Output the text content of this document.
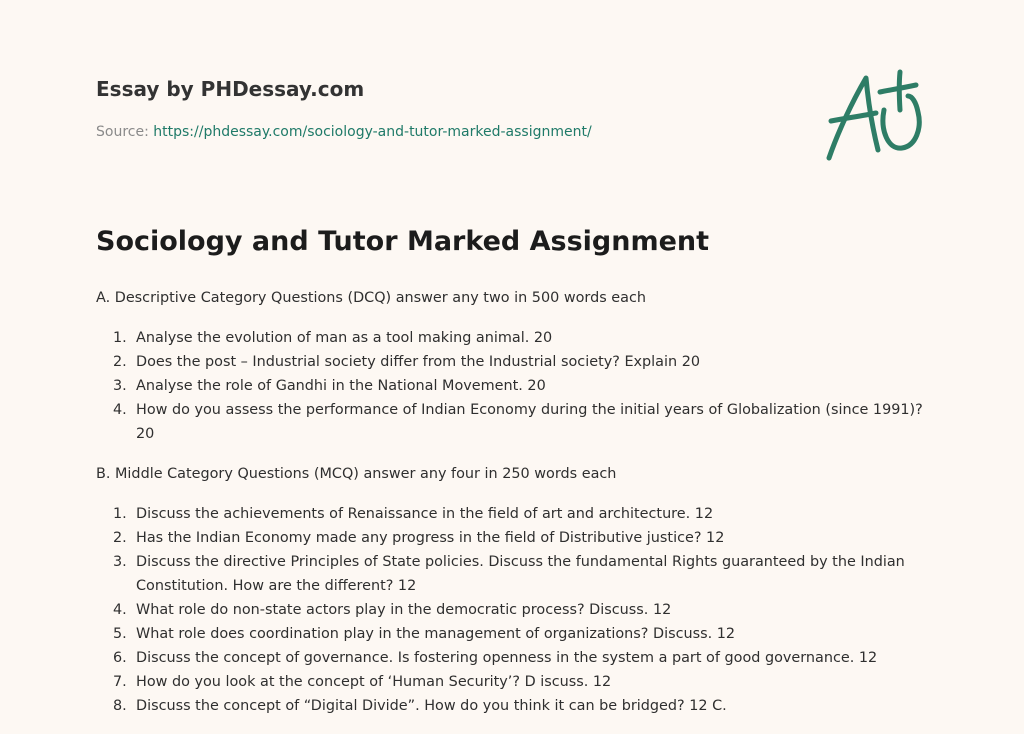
Essay by PHDessay.com
Source: https://phdessay.com/sociology-and-tutor-marked-assignment/
Sociology and Tutor Marked Assignment

A. Descriptive Category Questions (DCQ) answer any two in 500 words each

1. Analyse the evolution of man as a tool making animal. 20
2. Does the post – Industrial society differ from the Industrial society? Explain 20
3. Analyse the role of Gandhi in the National Movement. 20
4. How do you assess the performance of Indian Economy during the initial years of Globalization (since 1991)? 20

B. Middle Category Questions (MCQ) answer any four in 250 words each

1. Discuss the achievements of Renaissance in the field of art and architecture. 12
2. Has the Indian Economy made any progress in the field of Distributive justice? 12
3. Discuss the directive Principles of State policies. Discuss the fundamental Rights guaranteed by the Indian Constitution. How are the different? 12
4. What role do non-state actors play in the democratic process? Discuss. 12
5. What role does coordination play in the management of organizations? Discuss. 12
6. Discuss the concept of governance. Is fostering openness in the system a part of good governance. 12
7. How do you look at the concept of ‘Human Security’? D iscuss. 12
8. Discuss the concept of “Digital Divide”. How do you think it can be bridged? 12 C.
